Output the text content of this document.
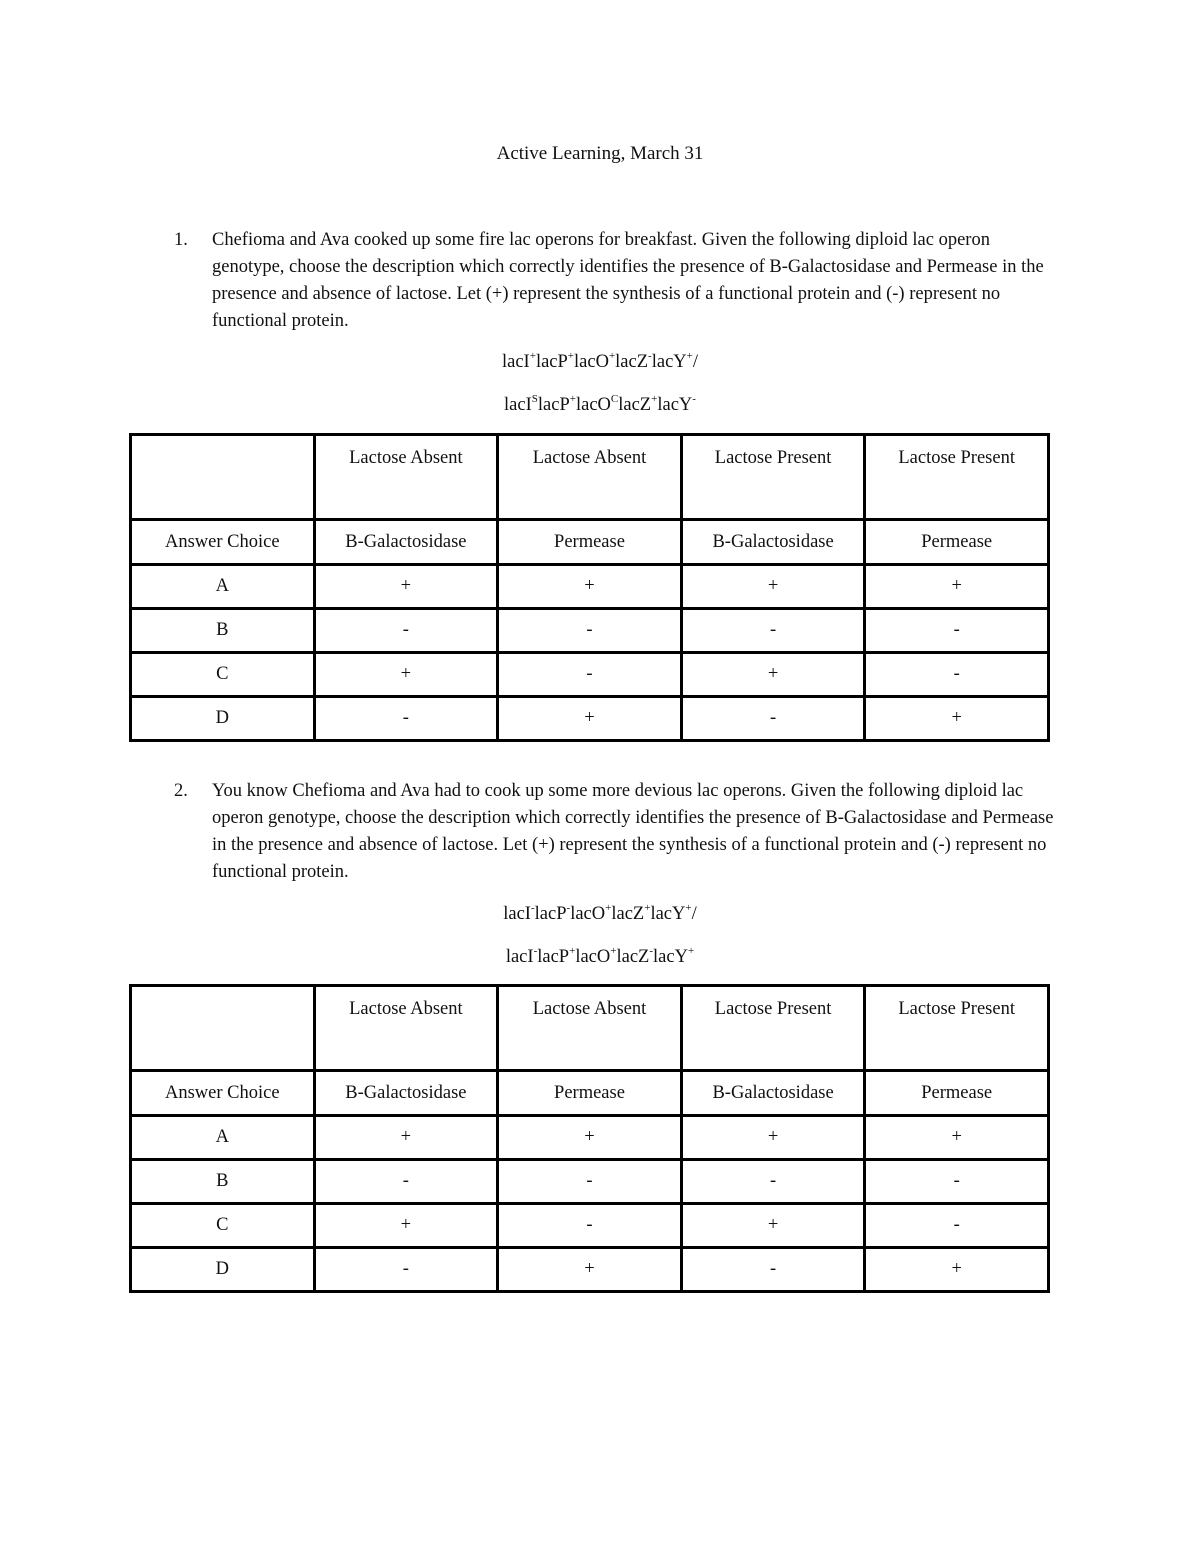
Active Learning, March 31
1. Chefioma and Ava cooked up some fire lac operons for breakfast. Given the following diploid lac operon genotype, choose the description which correctly identifies the presence of B-Galactosidase and Permease in the presence and absence of lactose. Let (+) represent the synthesis of a functional protein and (-) represent no functional protein.
lacI+lacP+lacO+lacZ-lacY+/
lacI$^S$lacP+lacO$^C$lacZ+lacY-
	Lactose Absent	Lactose Absent	Lactose Present	Lactose Present
Answer Choice	B-Galactosidase	Permease	B-Galactosidase	Permease
A	+	+	+	+
B	-	-	-	-
C	+	-	+	-
D	-	+	-	+
2. You know Chefioma and Ava had to cook up some more devious lac operons. Given the following diploid lac operon genotype, choose the description which correctly identifies the presence of B-Galactosidase and Permease in the presence and absence of lactose. Let (+) represent the synthesis of a functional protein and (-) represent no functional protein.
lacI-lacP-lacO+lacZ+lacY+/
lacI-lacP+lacO+lacZ-lacY+
	Lactose Absent	Lactose Absent	Lactose Present	Lactose Present
Answer Choice	B-Galactosidase	Permease	B-Galactosidase	Permease
A	+	+	+	+
B	-	-	-	-
C	+	-	+	-
D	-	+	-	+
